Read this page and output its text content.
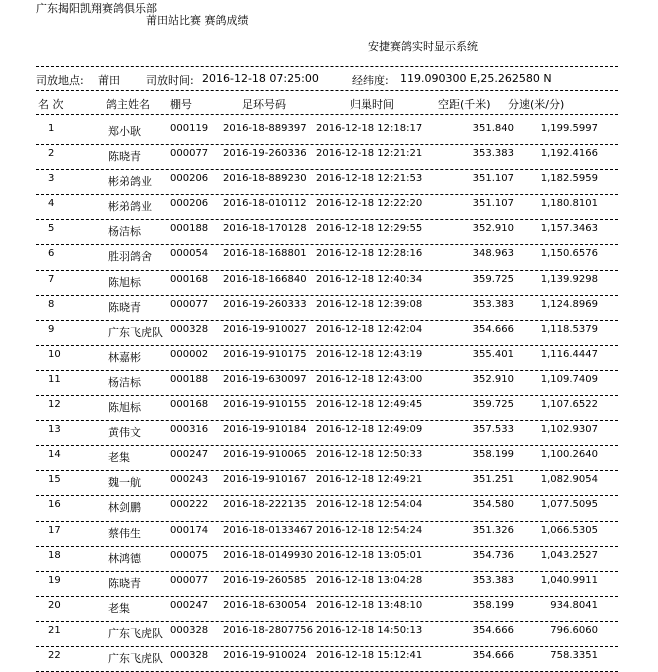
广东揭阳凯翔赛鸽俱乐部
莆田站比赛 赛鸽成绩
安捷赛鸽实时显示系统
司放地点: 莆田 司放时间: 2016-12-18 07:25:00	经纬度: 119.090300 E,25.262580 N
名 次	鸽主姓名 棚号	足环号码	归巢时间	空距(千米) 分速(米/分)
1	郑小耿	000119 2016-18-889397 2016-12-18 12:18:17	351.840	1,199.5997
2	陈晓青	000077 2016-19-260336 2016-12-18 12:21:21	353.383	1,192.4166
3	彬弟鸽业 000206 2016-18-889230 2016-12-18 12:21:53	351.107	1,182.5959
4	彬弟鸽业 000206 2016-18-010112 2016-12-18 12:22:20	351.107	1,180.8101
5	杨洁标	000188 2016-18-170128 2016-12-18 12:29:55	352.910	1,157.3463
6	胜羽鸽舍 000054 2016-18-168801 2016-12-18 12:28:16	348.963	1,150.6576
7	陈旭标	000168 2016-18-166840 2016-12-18 12:40:34	359.725	1,139.9298
8	陈晓青	000077 2016-19-260333 2016-12-18 12:39:08	353.383	1,124.8969
9	广东飞虎队 000328 2016-19-910027 2016-12-18 12:42:04	354.666	1,118.5379
10	林嘉彬	000002 2016-19-910175 2016-12-18 12:43:19	355.401	1,116.4447
11	杨洁标	000188 2016-19-630097 2016-12-18 12:43:00	352.910	1,109.7409
12	陈旭标	000168 2016-19-910155 2016-12-18 12:49:45	359.725	1,107.6522
13	黄伟文	000316 2016-19-910184 2016-12-18 12:49:09	357.533	1,102.9307
14	老集	000247 2016-19-910065 2016-12-18 12:50:33	358.199	1,100.2640
15	魏一航	000243 2016-19-910167 2016-12-18 12:49:21	351.251	1,082.9054
16	林剑鹏	000222 2016-18-222135 2016-12-18 12:54:04	354.580	1,077.5095
17	蔡伟生	000174 2016-18-0133467 2016-12-18 12:54:24	351.326	1,066.5305
18	林鸿德	000075 2016-18-0149930 2016-12-18 13:05:01	354.736	1,043.2527
19	陈晓青	000077 2016-19-260585 2016-12-18 13:04:28	353.383	1,040.9911
20	老集	000247 2016-18-630054 2016-12-18 13:48:10	358.199	934.8041
21	广东飞虎队 000328 2016-18-2807756 2016-12-18 14:50:13	354.666	796.6060
22	广东飞虎队 000328 2016-19-910024 2016-12-18 15:12:41	354.666	758.3351
